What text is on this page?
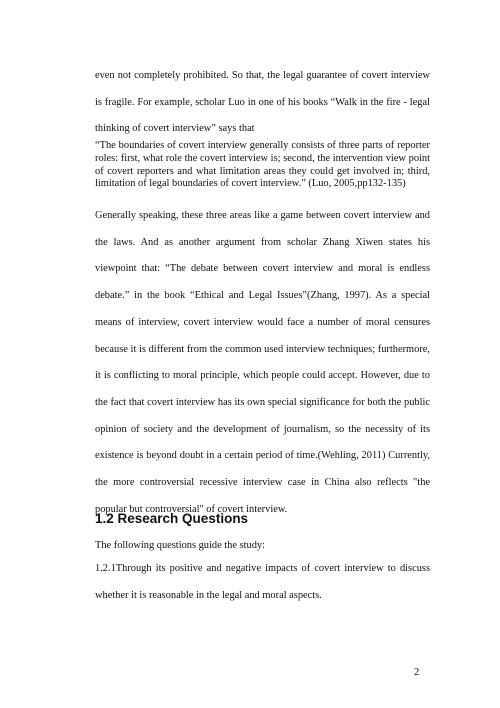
even not completely prohibited. So that, the legal guarantee of covert interview is fragile. For example, scholar Luo in one of his books “Walk in the fire - legal thinking of covert interview” says that

“The boundaries of covert interview generally consists of three parts of reporter roles: first, what role the covert interview is; second, the intervention view point of covert reporters and what limitation areas they could get involved in; third, limitation of legal boundaries of covert interview.” (Luo, 2005,pp132-135)

Generally speaking, these three areas like a game between covert interview and the laws. And as another argument from scholar Zhang Xiwen states his viewpoint that: “The debate between covert interview and moral is endless debate.” in the book “Ethical and Legal Issues”(Zhang, 1997). As a special means of interview, covert interview would face a number of moral censures because it is different from the common used interview techniques; furthermore, it is conflicting to moral principle, which people could accept. However, due to the fact that covert interview has its own special significance for both the public opinion of society and the development of journalism, so the necessity of its existence is beyond doubt in a certain period of time.(Wehling, 2011) Currently, the more controversial recessive interview case in China also reflects "the popular but controversial" of covert interview.

1.2 Research Questions

The following questions guide the study:

1.2.1Through its positive and negative impacts of covert interview to discuss whether it is reasonable in the legal and moral aspects.

2
